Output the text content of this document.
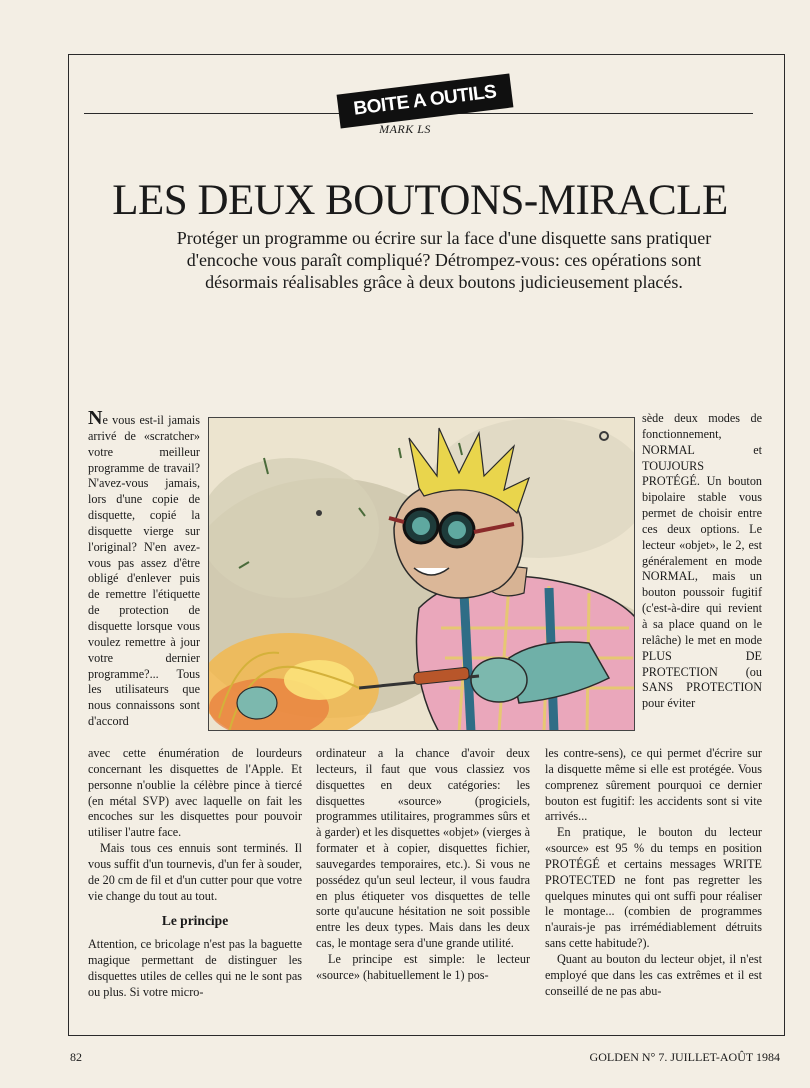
BOITE A OUTILS
MARK LS
LES DEUX BOUTONS-MIRACLE
Protéger un programme ou écrire sur la face d'une disquette sans pratiquer d'encoche vous paraît compliqué? Détrompez-vous: ces opérations sont désormais réalisables grâce à deux boutons judicieusement placés.

Ne vous est-il jamais arrivé de «scratcher» votre meilleur programme de travail? N'avez-vous jamais, lors d'une copie de disquette, copié la disquette vierge sur l'original? N'en avez-vous pas assez d'être obligé d'enlever puis de remettre l'étiquette de protection de disquette lorsque vous voulez remettre à jour votre dernier programme?... Tous les utilisateurs que nous connaissons sont d'accord

sède deux modes de fonctionnement, NORMAL et TOUJOURS PROTÉGÉ. Un bouton bipolaire stable vous permet de choisir entre ces deux options. Le lecteur «objet», le 2, est généralement en mode NORMAL, mais un bouton poussoir fugitif (c'est-à-dire qui revient à sa place quand on le relâche) le met en mode PLUS DE PROTECTION (ou SANS PROTECTION pour éviter

avec cette énumération de lourdeurs concernant les disquettes de l'Apple. Et personne n'oublie la célèbre pince à tiercé (en métal SVP) avec laquelle on fait les encoches sur les disquettes pour pouvoir utiliser l'autre face.

Mais tous ces ennuis sont terminés. Il vous suffit d'un tournevis, d'un fer à souder, de 20 cm de fil et d'un cutter pour que votre vie change du tout au tout.

Le principe

Attention, ce bricolage n'est pas la baguette magique permettant de distinguer les disquettes utiles de celles qui ne le sont pas ou plus. Si votre micro-

ordinateur a la chance d'avoir deux lecteurs, il faut que vous classiez vos disquettes en deux catégories: les disquettes «source» (progiciels, programmes utilitaires, programmes sûrs et à garder) et les disquettes «objet» (vierges à formater et à copier, disquettes fichier, sauvegardes temporaires, etc.). Si vous ne possédez qu'un seul lecteur, il vous faudra en plus étiqueter vos disquettes de telle sorte qu'aucune hésitation ne soit possible entre les deux types. Mais dans les deux cas, le montage sera d'une grande utilité.

Le principe est simple: le lecteur «source» (habituellement le 1) pos-

les contre-sens), ce qui permet d'écrire sur la disquette même si elle est protégée. Vous comprenez sûrement pourquoi ce dernier bouton est fugitif: les accidents sont si vite arrivés...

En pratique, le bouton du lecteur «source» est 95 % du temps en position PROTÉGÉ et certains messages WRITE PROTECTED ne font pas regretter les quelques minutes qui ont suffi pour réaliser le montage... (combien de programmes n'aurais-je pas irrémédiablement détruits sans cette habitude?).

Quant au bouton du lecteur objet, il n'est employé que dans les cas extrêmes et il est conseillé de ne pas abu-

82	GOLDEN N° 7. JUILLET-AOÛT 1984
